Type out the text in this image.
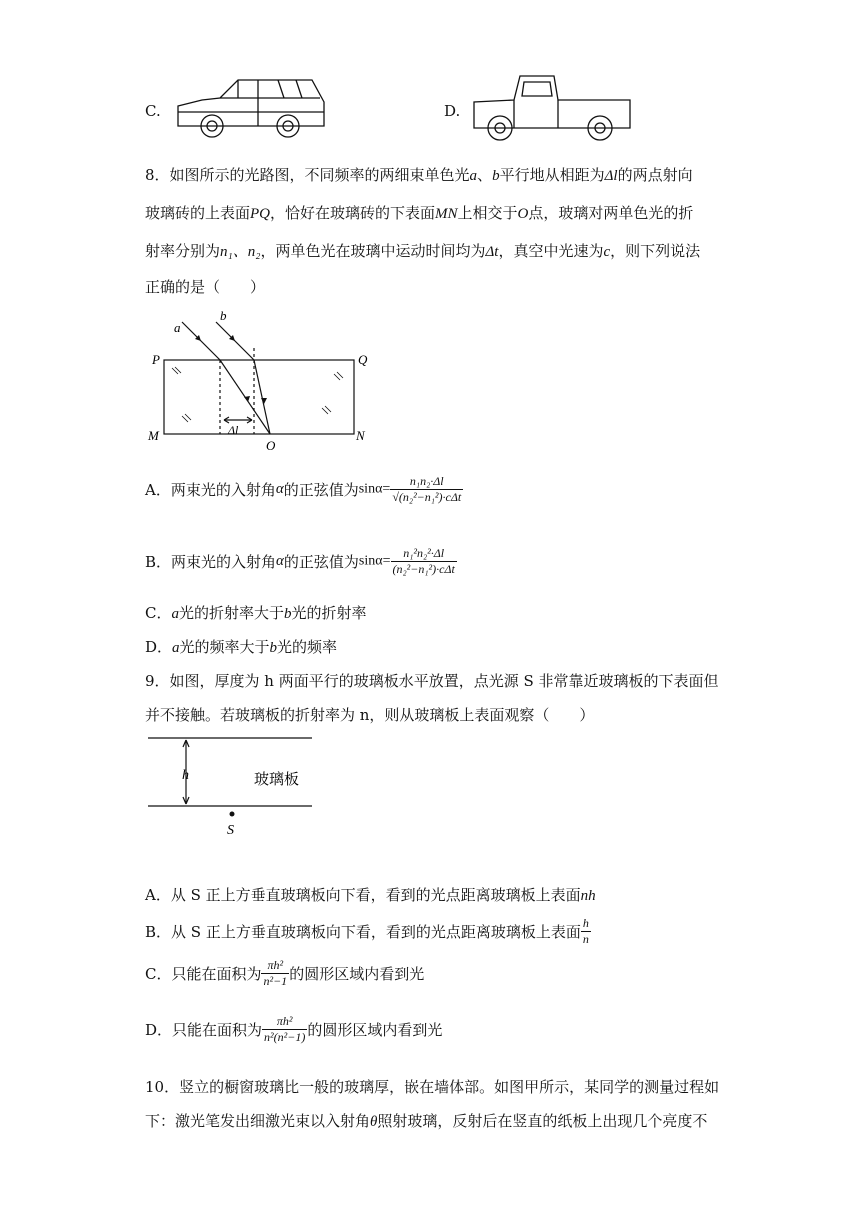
C.	D.
8．如图所示的光路图，不同频率的两细束单色光a、b平行地从相距为Δl的两点射向
玻璃砖的上表面PQ，恰好在玻璃砖的下表面MN上相交于O点，玻璃对两单色光的折
射率分别为n₁、n₂，两单色光在玻璃中运动时间均为Δt，真空中光速为c，则下列说法
正确的是（　　）
a
b
P	Q
M	N
O
Δl
A．两束光的入射角α的正弦值为$\sin\alpha= \frac{\text{n₁n₂·Δl}}{\text{√(n₂²−n₁²)·cΔt}}$
B．两束光的入射角α的正弦值为$\sin\alpha= \frac{\text{n₁²n₂²·Δl}}{\text{(n₂²−n₁²)·cΔt}}$
C．a光的折射率大于b光的折射率
D．a光的频率大于b光的频率
9．如图，厚度为 h 两面平行的玻璃板水平放置，点光源 S 非常靠近玻璃板的下表面但
并不接触。若玻璃板的折射率为 n，则从玻璃板上表面观察（　　）
h	玻璃板
S
A．从 S 正上方垂直玻璃板向下看，看到的光点距离玻璃板上表面nh
B．从 S 正上方垂直玻璃板向下看，看到的光点距离玻璃板上表面 $\frac{h}{n}$
C．只能在面积为 $\frac{\text{πh²}}{\text{n²−1}}$ 的圆形区域内看到光
D．只能在面积为 $\frac{\text{πh²}}{\text{n²(n²−1)}}$ 的圆形区域内看到光
10．竖立的橱窗玻璃比一般的玻璃厚，嵌在墙体部。如图甲所示，某同学的测量过程如
下：激光笔发出细激光束以入射角θ照射玻璃，反射后在竖直的纸板上出现几个亮度不
